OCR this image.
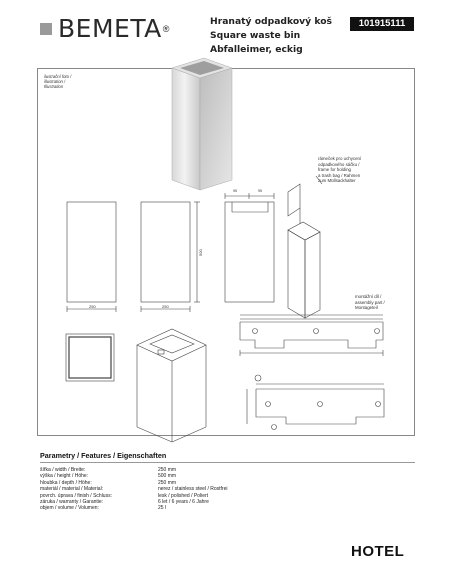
BEMETA ®
Hranatý odpadkový koš
Square waste bin
Abfalleimer, eckig
101915111
ilustrační foto /
illustration /
Illustration
rámeček pro uchycení
odpadkového sáčku /
frame for holding
a trash bag / Rahmen
zum Müllsackhalter
montážní díl /
assembly part /
Montageteil
250	250
500
95	95
Parametry / Features / Eigenschaften
šířka / width / Breite:	250 mm
výška / height / Höhe:	500 mm
hloubka / depth / Höhe:	250 mm
materiál / material / Material:	nerez / stainless steel / Rostfrei
povrch. úprava / finish / Schluss:	lesk / polished / Poliert
záruka / warranty / Garantie:	6 let / 6 years / 6 Jahre
objem / volume / Volumen:	25 l
HOTEL
